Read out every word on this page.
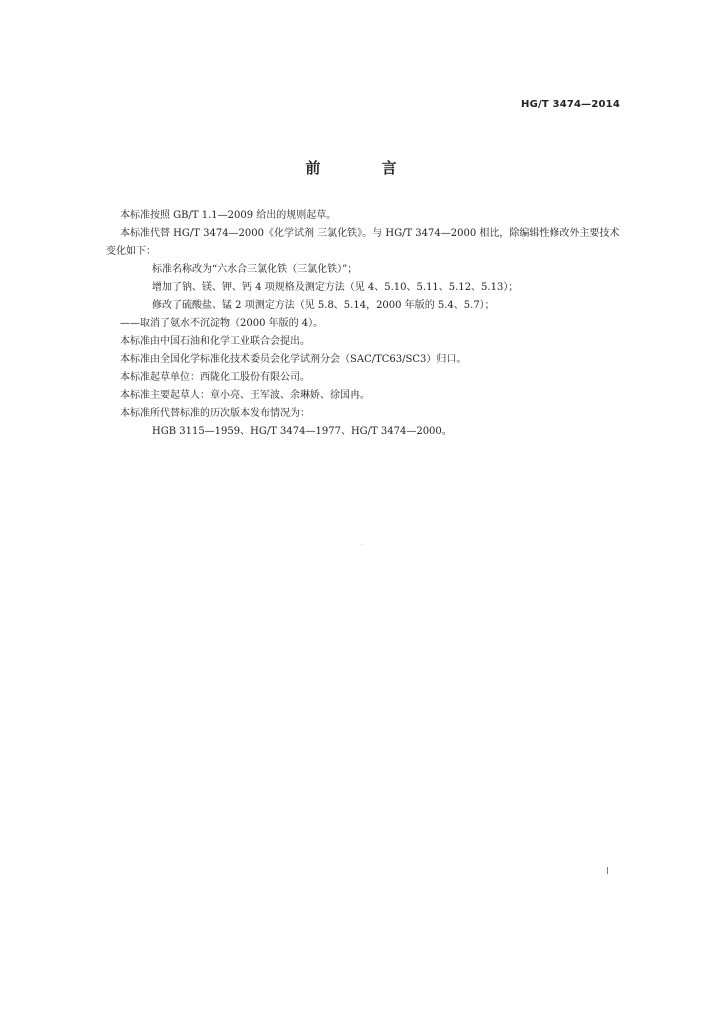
HG/T 3474—2014
前 言

本标准按照 GB/T 1.1—2009 给出的规则起草。

本标准代替 HG/T 3474—2000《化学试剂 三氯化铁》。与 HG/T 3474—2000 相比，除编辑性修改外主要技术变化如下：

标准名称改为“六水合三氯化铁（三氯化铁）”；

增加了钠、镁、钾、钙 4 项规格及测定方法（见 4、5.10、5.11、5.12、5.13）；

修改了硫酸盐、锰 2 项测定方法（见 5.8、5.14，2000 年版的 5.4、5.7）；

——取消了氨水不沉淀物（2000 年版的 4）。

本标准由中国石油和化学工业联合会提出。

本标准由全国化学标准化技术委员会化学试剂分会（SAC/TC63/SC3）归口。

本标准起草单位：西陇化工股份有限公司。

本标准主要起草人：章小亮、王军波、余琳娇、徐国冉。

本标准所代替标准的历次版本发布情况为：

HGB 3115—1959、HG/T 3474—1977、HG/T 3474—2000。

.
I
